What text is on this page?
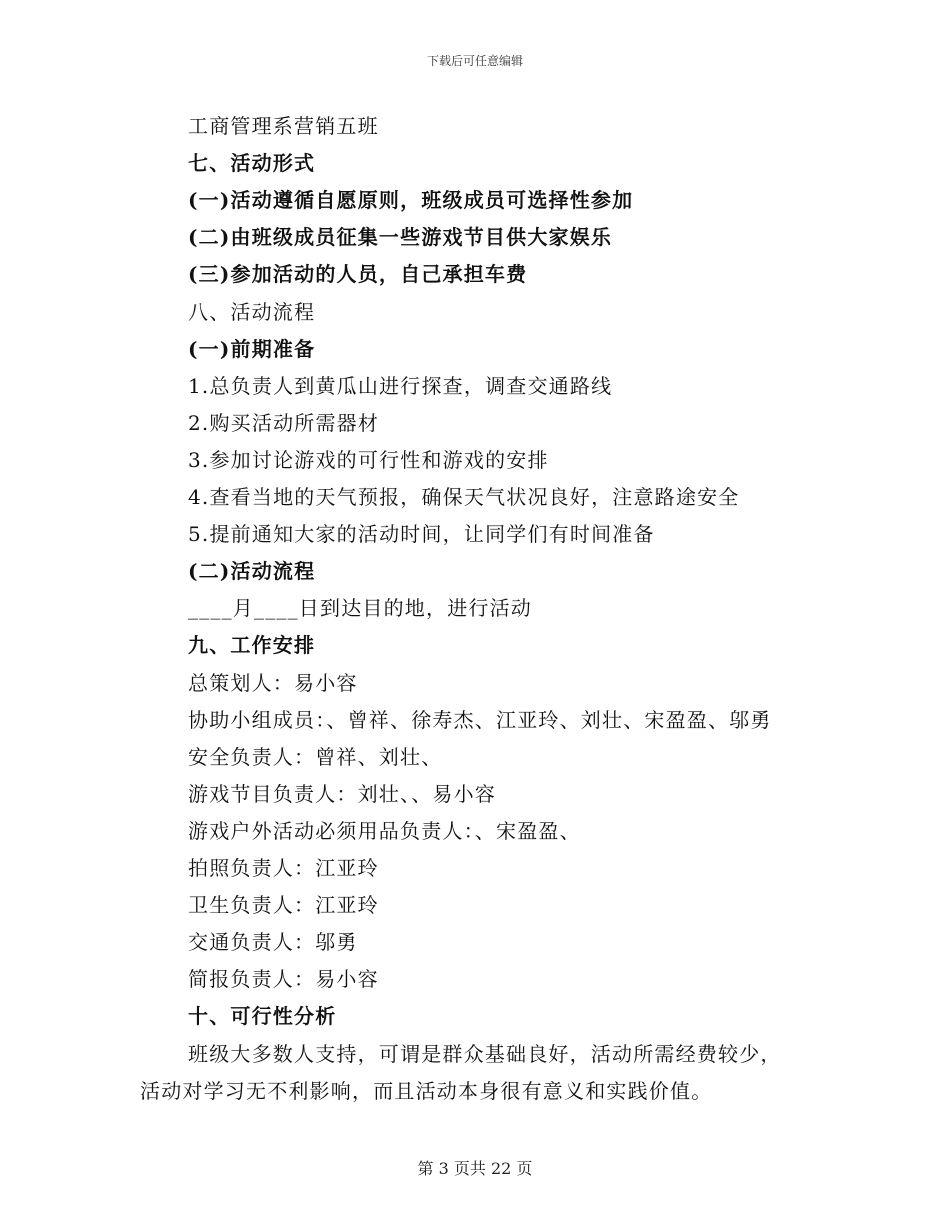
下载后可任意编辑
工商管理系营销五班
七、活动形式
(一)活动遵循自愿原则，班级成员可选择性参加
(二)由班级成员征集一些游戏节目供大家娱乐
(三)参加活动的人员，自己承担车费
八、活动流程
(一)前期准备
1.总负责人到黄瓜山进行探查，调查交通路线
2.购买活动所需器材
3.参加讨论游戏的可行性和游戏的安排
4.查看当地的天气预报，确保天气状况良好，注意路途安全
5.提前通知大家的活动时间，让同学们有时间准备
(二)活动流程
____月____日到达目的地，进行活动
九、工作安排
总策划人：易小容
协助小组成员：、曾祥、徐寿杰、江亚玲、刘壮、宋盈盈、邬勇
安全负责人：曾祥、刘壮、
游戏节目负责人：刘壮、、易小容
游戏户外活动必须用品负责人：、宋盈盈、
拍照负责人：江亚玲
卫生负责人：江亚玲
交通负责人：邬勇
简报负责人：易小容
十、可行性分析
班级大多数人支持，可谓是群众基础良好，活动所需经费较少，
活动对学习无不利影响，而且活动本身很有意义和实践价值。
第 3 页共 22 页
